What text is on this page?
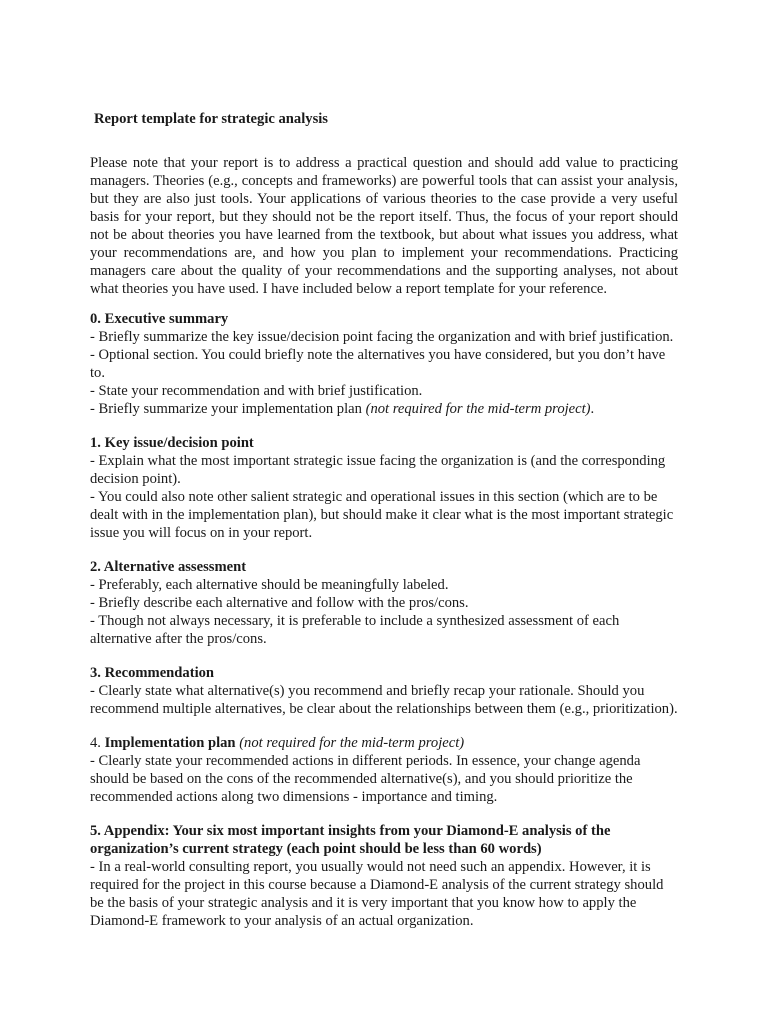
Report template for strategic analysis

Please note that your report is to address a practical question and should add value to practicing managers. Theories (e.g., concepts and frameworks) are powerful tools that can assist your analysis, but they are also just tools. Your applications of various theories to the case provide a very useful basis for your report, but they should not be the report itself. Thus, the focus of your report should not be about theories you have learned from the textbook, but about what issues you address, what your recommendations are, and how you plan to implement your recommendations. Practicing managers care about the quality of your recommendations and the supporting analyses, not about what theories you have used. I have included below a report template for your reference.

0. Executive summary

- Briefly summarize the key issue/decision point facing the organization and with brief justification.

- Optional section. You could briefly note the alternatives you have considered, but you don’t have to.

- State your recommendation and with brief justification.

- Briefly summarize your implementation plan (not required for the mid-term project).

1. Key issue/decision point

- Explain what the most important strategic issue facing the organization is (and the corresponding decision point).

- You could also note other salient strategic and operational issues in this section (which are to be dealt with in the implementation plan), but should make it clear what is the most important strategic issue you will focus on in your report.

2. Alternative assessment

- Preferably, each alternative should be meaningfully labeled.

- Briefly describe each alternative and follow with the pros/cons.

- Though not always necessary, it is preferable to include a synthesized assessment of each alternative after the pros/cons.

3. Recommendation

- Clearly state what alternative(s) you recommend and briefly recap your rationale. Should you recommend multiple alternatives, be clear about the relationships between them (e.g., prioritization).

4. Implementation plan (not required for the mid-term project)

- Clearly state your recommended actions in different periods. In essence, your change agenda should be based on the cons of the recommended alternative(s), and you should prioritize the recommended actions along two dimensions - importance and timing.

5. Appendix: Your six most important insights from your Diamond-E analysis of the organization’s current strategy (each point should be less than 60 words)

- In a real-world consulting report, you usually would not need such an appendix. However, it is required for the project in this course because a Diamond-E analysis of the current strategy should be the basis of your strategic analysis and it is very important that you know how to apply the Diamond-E framework to your analysis of an actual organization.
